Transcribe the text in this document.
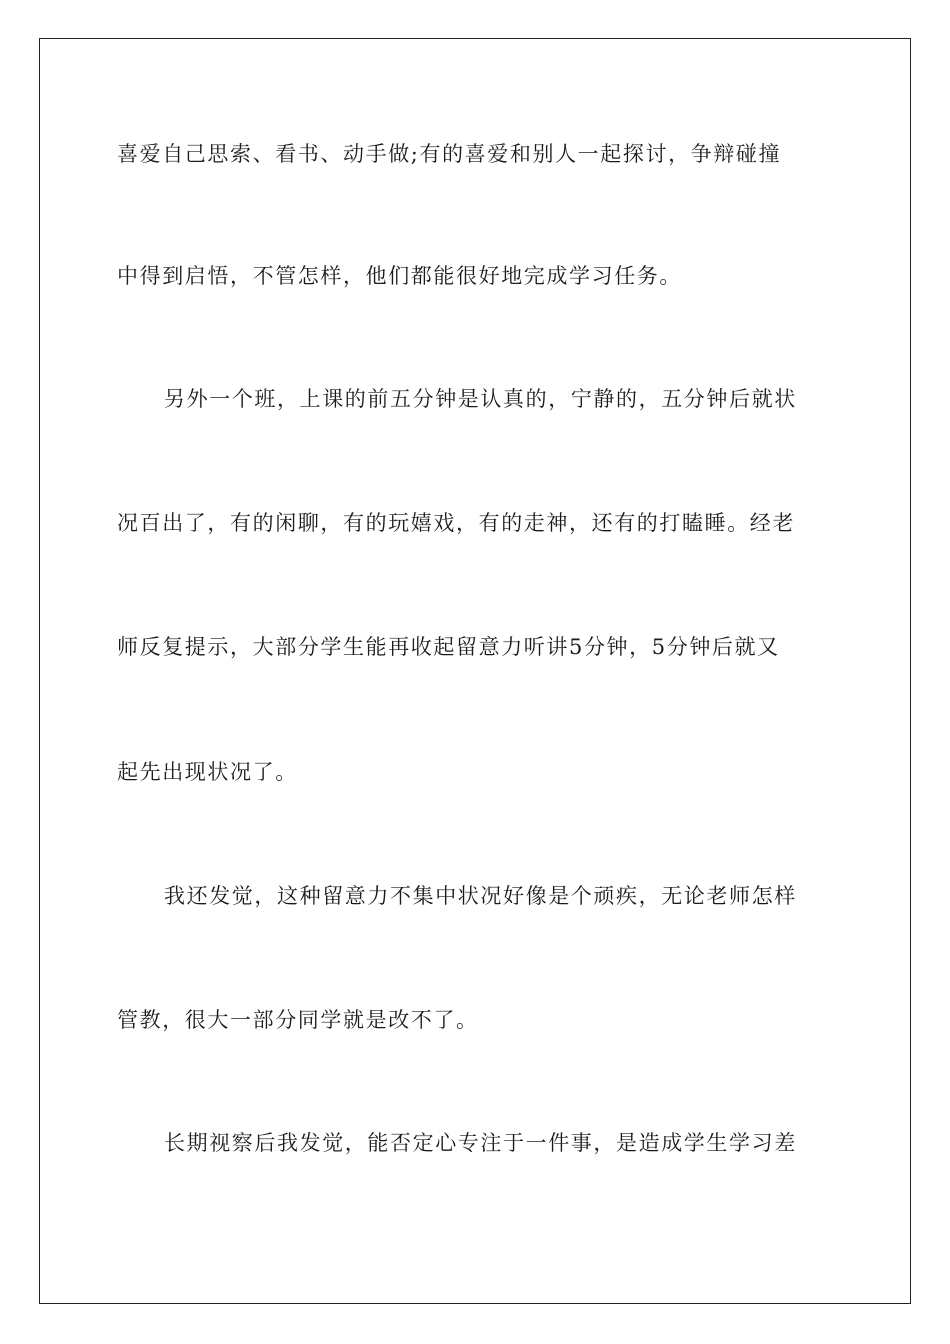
喜爱自己思索、看书、动手做;有的喜爱和别人一起探讨，争辩碰撞
中得到启悟，不管怎样，他们都能很好地完成学习任务。
另外一个班，上课的前五分钟是认真的，宁静的，五分钟后就状
况百出了，有的闲聊，有的玩嬉戏，有的走神，还有的打瞌睡。经老
师反复提示，大部分学生能再收起留意力听讲5分钟，5分钟后就又
起先出现状况了。
我还发觉，这种留意力不集中状况好像是个顽疾，无论老师怎样
管教，很大一部分同学就是改不了。
长期视察后我发觉，能否定心专注于一件事，是造成学生学习差
